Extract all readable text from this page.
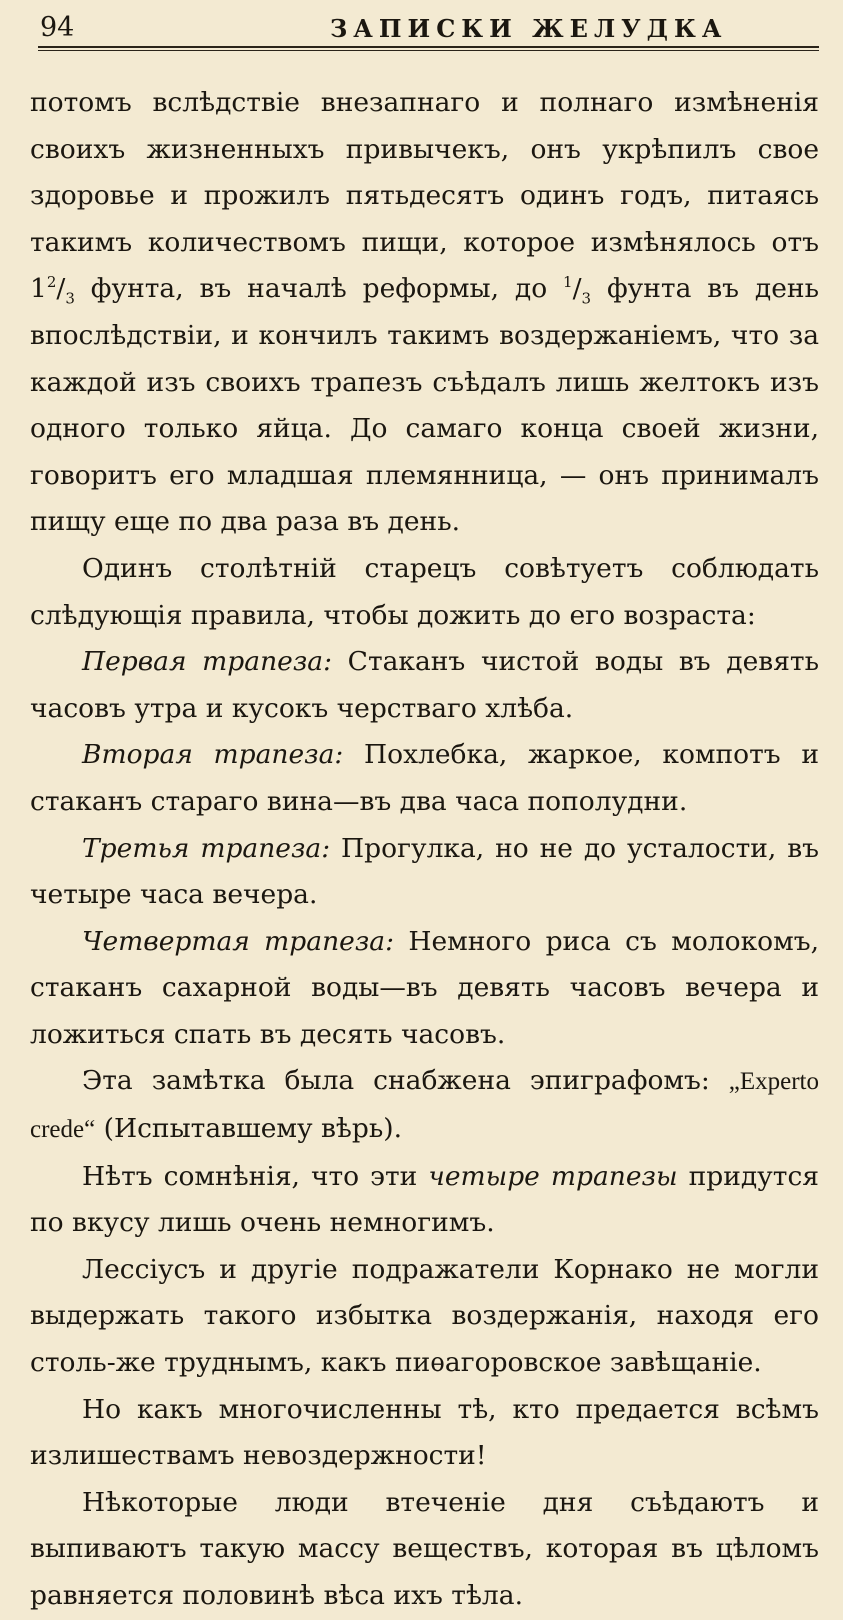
94	ЗАПИСКИ ЖЕЛУДКА

потомъ вслѣдствіе внезапнаго и полнаго измѣненія своихъ жизненныхъ привычекъ, онъ укрѣпилъ свое здоровье и прожилъ пятьдесятъ одинъ годъ, питаясь такимъ количествомъ пищи, которое измѣнялось отъ $1^2/_3$ фунта, въ началѣ реформы, до $^1/_3$ фунта въ день впослѣдствіи, и кончилъ такимъ воздержаніемъ, что за каждой изъ своихъ трапезъ съѣдалъ лишь желтокъ изъ одного только яйца. До самаго конца своей жизни, говоритъ его младшая племянница, — онъ принималъ пищу еще по два раза въ день.

Одинъ столѣтній старецъ совѣтуетъ соблюдать слѣдующія правила, чтобы дожить до его возраста:

Первая трапеза: Стаканъ чистой воды въ девять часовъ утра и кусокъ черстваго хлѣба.

Вторая трапеза: Похлебка, жаркое, компотъ и стаканъ стараго вина—въ два часа пополудни.

Третья трапеза: Прогулка, но не до усталости, въ четыре часа вечера.

Четвертая трапеза: Немного риса съ молокомъ, стаканъ сахарной воды—въ девять часовъ вечера и ложиться спать въ десять часовъ.

Эта замѣтка была снабжена эпиграфомъ: „Experto crede“ (Испытавшему вѣрь).

Нѣтъ сомнѣнія, что эти четыре трапезы придутся по вкусу лишь очень немногимъ.

Лессіусъ и другіе подражатели Корнако не могли выдержать такого избытка воздержанія, находя его столь-же труднымъ, какъ пиѳагоровское завѣщаніе.

Но какъ многочисленны тѣ, кто предается всѣмъ излишествамъ невоздержности!

Нѣкоторые люди втеченіе дня съѣдаютъ и выпиваютъ такую массу веществъ, которая въ цѣломъ равняется половинѣ вѣса ихъ тѣла.
